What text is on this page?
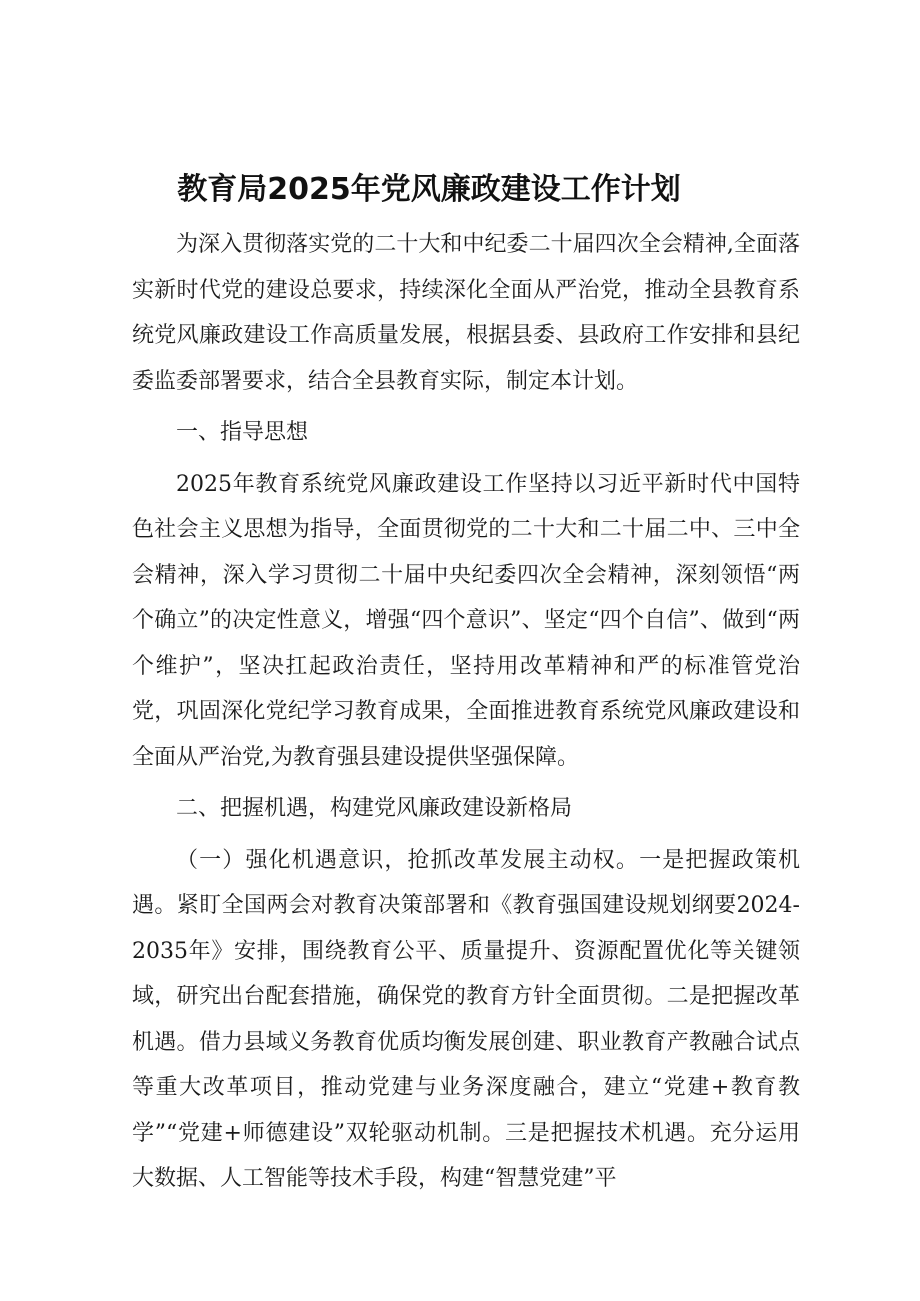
教育局2025年党风廉政建设工作计划

为深入贯彻落实党的二十大和中纪委二十届四次全会精神,全面落实新时代党的建设总要求，持续深化全面从严治党，推动全县教育系统党风廉政建设工作高质量发展，根据县委、县政府工作安排和县纪委监委部署要求，结合全县教育实际，制定本计划。

一、指导思想

2025年教育系统党风廉政建设工作坚持以习近平新时代中国特色社会主义思想为指导，全面贯彻党的二十大和二十届二中、三中全会精神，深入学习贯彻二十届中央纪委四次全会精神，深刻领悟“两个确立”的决定性意义，增强“四个意识”、坚定“四个自信”、做到“两个维护”，坚决扛起政治责任，坚持用改革精神和严的标准管党治党，巩固深化党纪学习教育成果，全面推进教育系统党风廉政建设和全面从严治党,为教育强县建设提供坚强保障。

二、把握机遇，构建党风廉政建设新格局

（一）强化机遇意识，抢抓改革发展主动权。一是把握政策机遇。紧盯全国两会对教育决策部署和《教育强国建设规划纲要2024-2035年》安排，围绕教育公平、质量提升、资源配置优化等关键领域，研究出台配套措施，确保党的教育方针全面贯彻。二是把握改革机遇。借力县域义务教育优质均衡发展创建、职业教育产教融合试点等重大改革项目，推动党建与业务深度融合，建立“党建+教育教学”“党建+师德建设”双轮驱动机制。三是把握技术机遇。充分运用大数据、人工智能等技术手段，构建“智慧党建”平
